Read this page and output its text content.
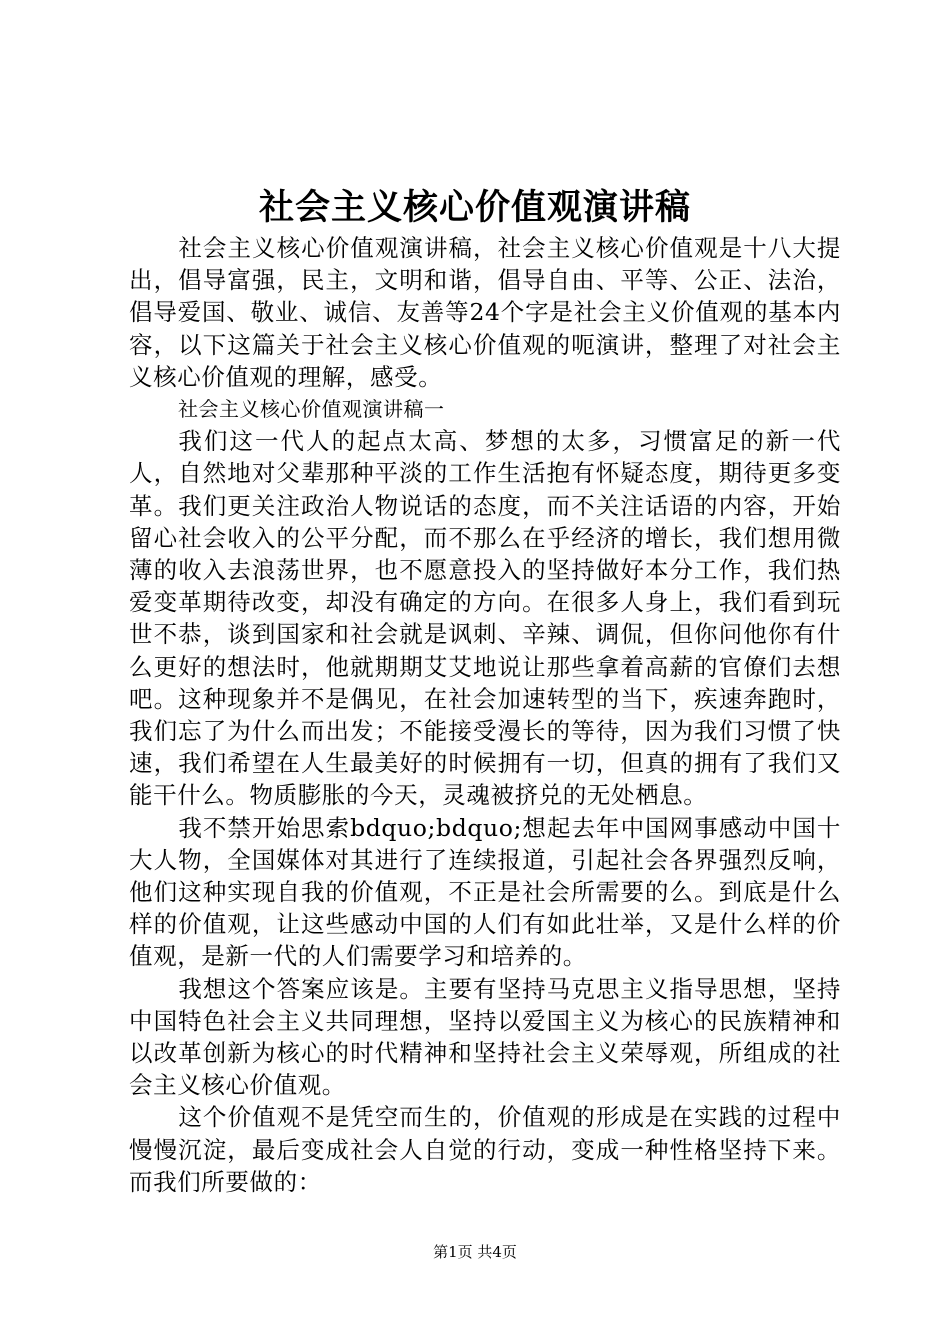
社会主义核心价值观演讲稿

社会主义核心价值观演讲稿，社会主义核心价值观是十八大提出，倡导富强，民主，文明和谐，倡导自由、平等、公正、法治，倡导爱国、敬业、诚信、友善等24个字是社会主义价值观的基本内容，以下这篇关于社会主义核心价值观的呃演讲，整理了对社会主义核心价值观的理解，感受。

社会主义核心价值观演讲稿一

我们这一代人的起点太高、梦想的太多，习惯富足的新一代人，自然地对父辈那种平淡的工作生活抱有怀疑态度，期待更多变革。我们更关注政治人物说话的态度，而不关注话语的内容，开始留心社会收入的公平分配，而不那么在乎经济的增长，我们想用微薄的收入去浪荡世界，也不愿意投入的坚持做好本分工作，我们热爱变革期待改变，却没有确定的方向。在很多人身上，我们看到玩世不恭，谈到国家和社会就是讽刺、辛辣、调侃，但你问他你有什么更好的想法时，他就期期艾艾地说让那些拿着高薪的官僚们去想吧。这种现象并不是偶见，在社会加速转型的当下，疾速奔跑时，我们忘了为什么而出发；不能接受漫长的等待，因为我们习惯了快速，我们希望在人生最美好的时候拥有一切，但真的拥有了我们又能干什么。物质膨胀的今天，灵魂被挤兑的无处栖息。

我不禁开始思索bdquo;bdquo;想起去年中国网事感动中国十大人物，全国媒体对其进行了连续报道，引起社会各界强烈反响，他们这种实现自我的价值观，不正是社会所需要的么。到底是什么样的价值观，让这些感动中国的人们有如此壮举，又是什么样的价值观，是新一代的人们需要学习和培养的。

我想这个答案应该是。主要有坚持马克思主义指导思想，坚持中国特色社会主义共同理想，坚持以爱国主义为核心的民族精神和以改革创新为核心的时代精神和坚持社会主义荣辱观，所组成的社会主义核心价值观。

这个价值观不是凭空而生的，价值观的形成是在实践的过程中慢慢沉淀，最后变成社会人自觉的行动，变成一种性格坚持下来。而我们所要做的：

第1页 共4页
